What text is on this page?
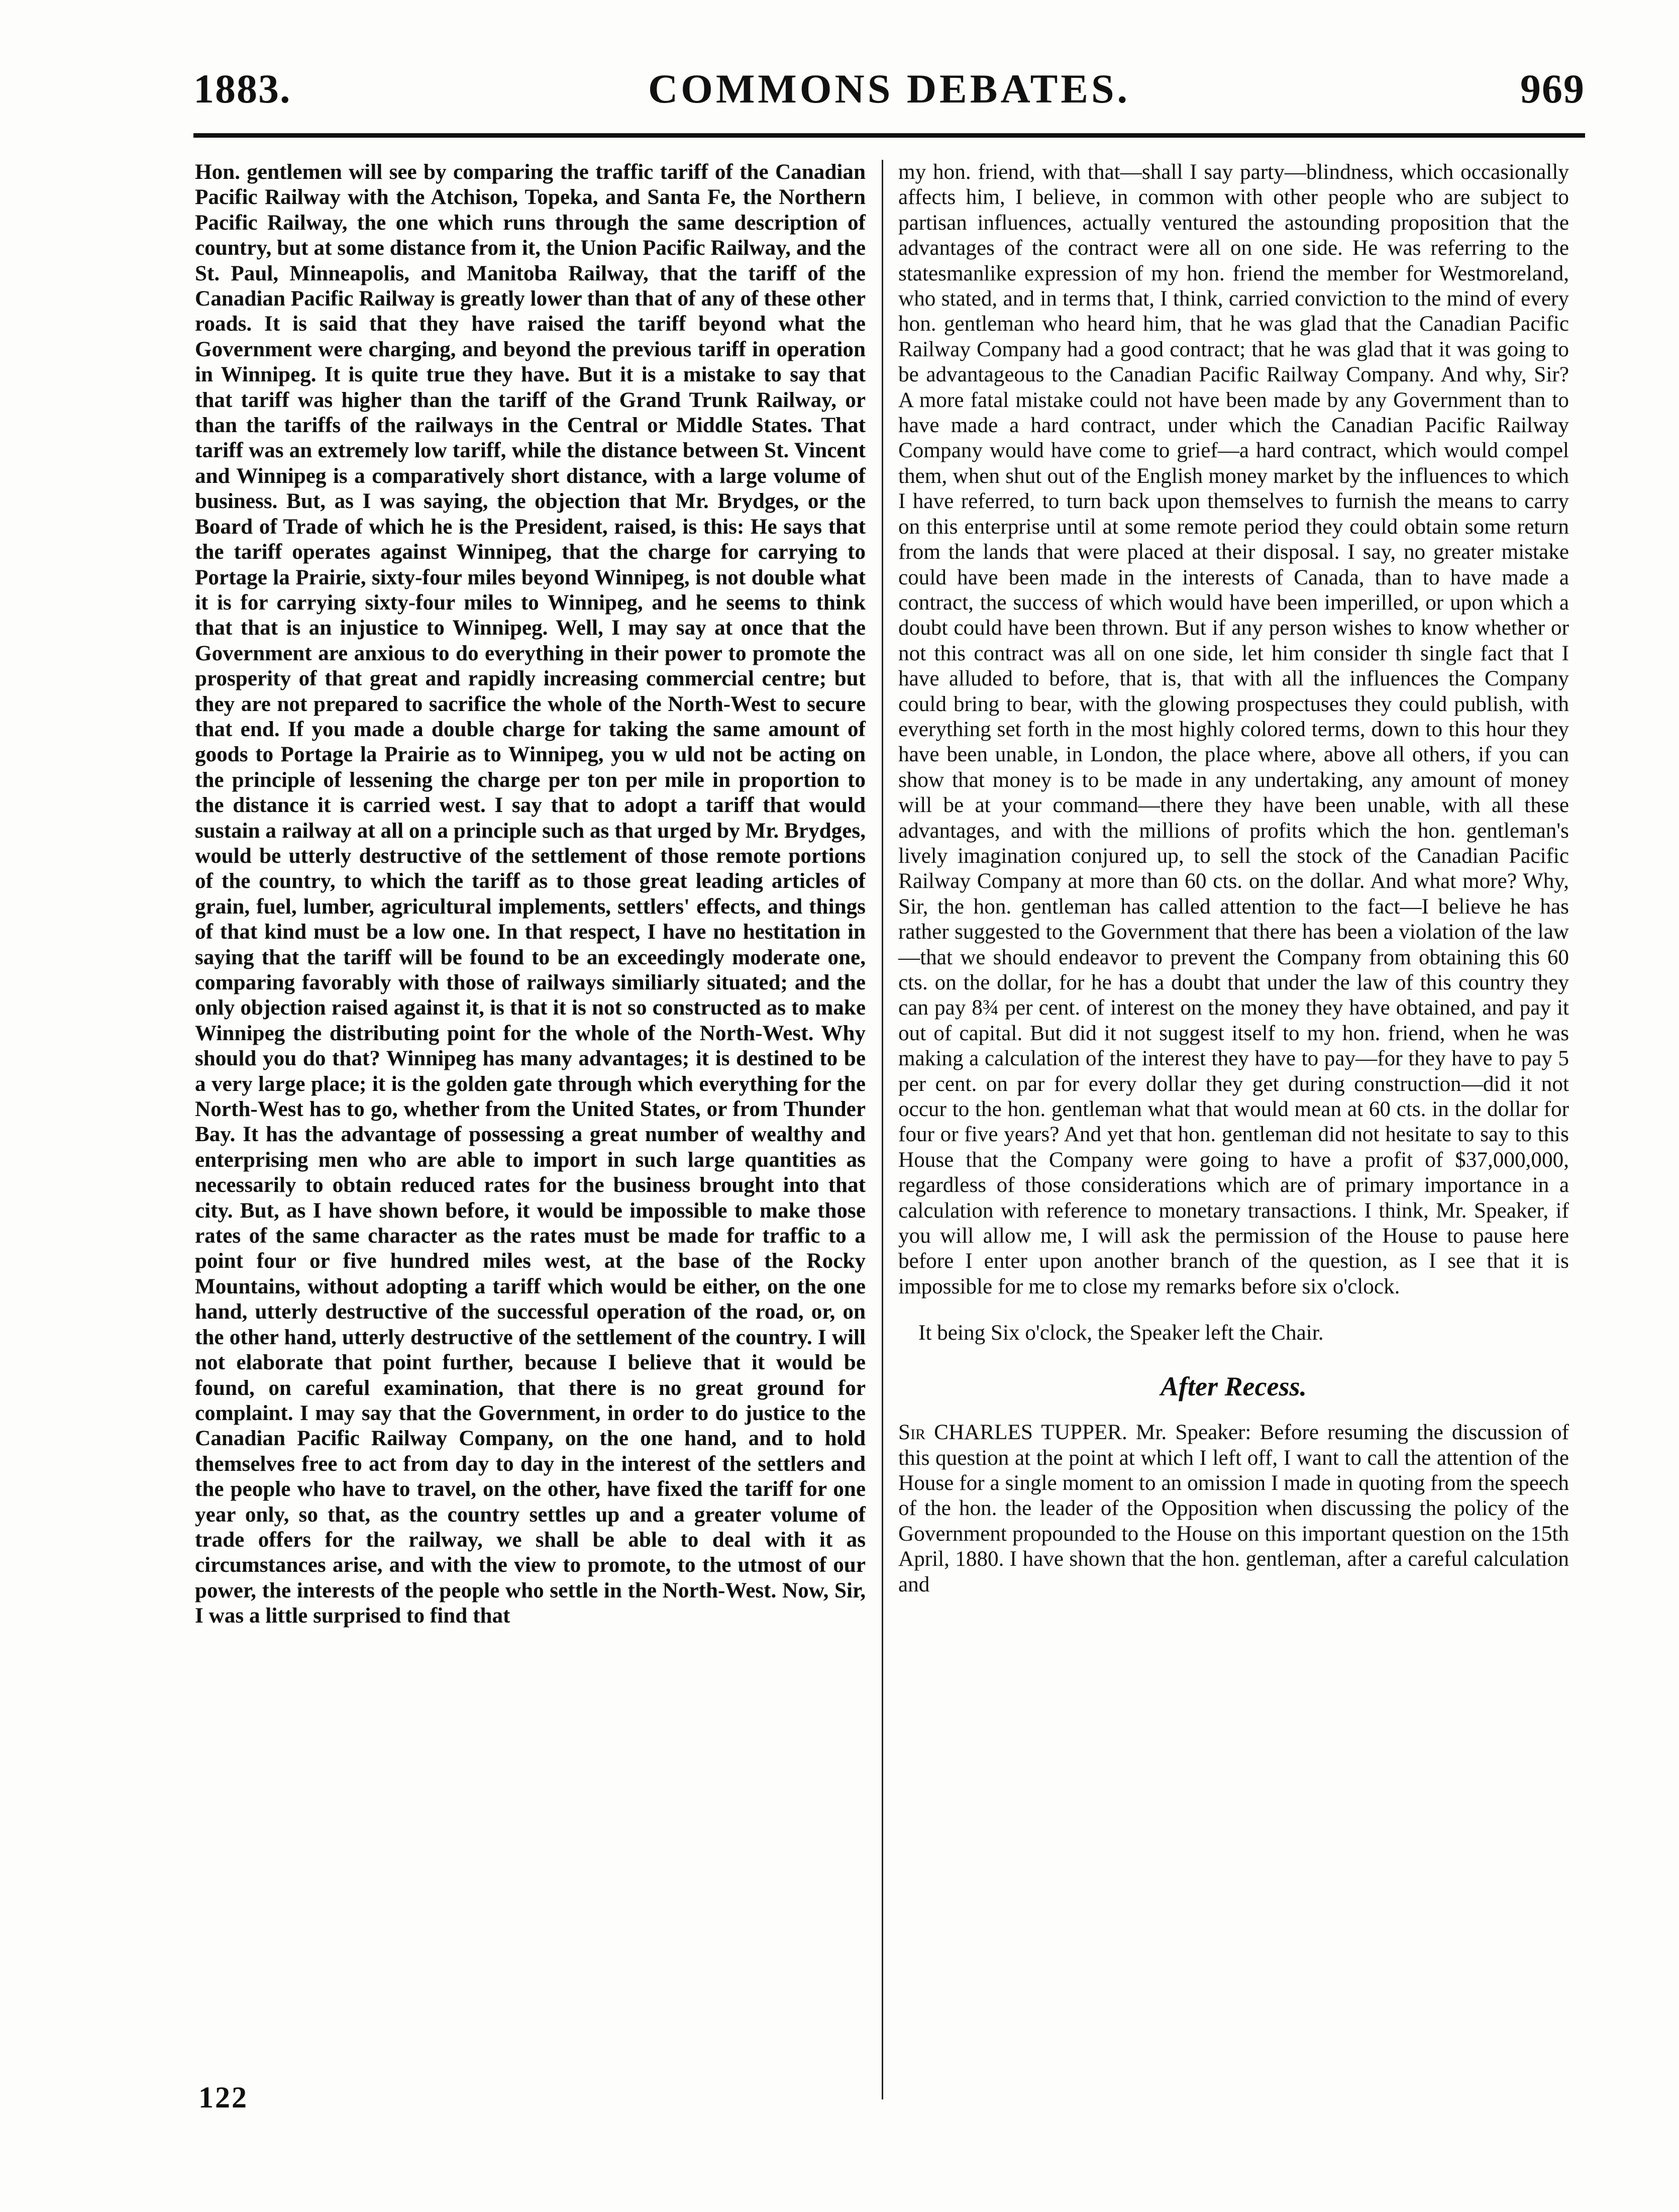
1883.	COMMONS DEBATES.	969

Hon. gentlemen will see by comparing the traffic tariff of the Canadian Pacific Railway with the Atchison, Topeka, and Santa Fe, the Northern Pacific Railway, the one which runs through the same description of country, but at some distance from it, the Union Pacific Railway, and the St. Paul, Minneapolis, and Manitoba Railway, that the tariff of the Canadian Pacific Railway is greatly lower than that of any of these other roads. It is said that they have raised the tariff beyond what the Government were charging, and beyond the previous tariff in operation in Winnipeg. It is quite true they have. But it is a mistake to say that that tariff was higher than the tariff of the Grand Trunk Railway, or than the tariffs of the railways in the Central or Middle States. That tariff was an extremely low tariff, while the distance between St. Vincent and Winnipeg is a comparatively short distance, with a large volume of business. But, as I was saying, the objection that Mr. Brydges, or the Board of Trade of which he is the President, raised, is this: He says that the tariff operates against Winnipeg, that the charge for carrying to Portage la Prairie, sixty-four miles beyond Winnipeg, is not double what it is for carrying sixty-four miles to Winnipeg, and he seems to think that that is an injustice to Winnipeg. Well, I may say at once that the Government are anxious to do everything in their power to promote the prosperity of that great and rapidly increasing commercial centre; but they are not prepared to sacrifice the whole of the North-West to secure that end. If you made a double charge for taking the same amount of goods to Portage la Prairie as to Winnipeg, you w uld not be acting on the principle of lessening the charge per ton per mile in proportion to the distance it is carried west. I say that to adopt a tariff that would sustain a railway at all on a principle such as that urged by Mr. Brydges, would be utterly destructive of the settlement of those remote portions of the country, to which the tariff as to those great leading articles of grain, fuel, lumber, agricultural implements, settlers' effects, and things of that kind must be a low one. In that respect, I have no hestitation in saying that the tariff will be found to be an exceedingly moderate one, comparing favorably with those of railways similiarly situated; and the only objection raised against it, is that it is not so constructed as to make Winnipeg the distributing point for the whole of the North-West. Why should you do that? Winnipeg has many advantages; it is destined to be a very large place; it is the golden gate through which everything for the North-West has to go, whether from the United States, or from Thunder Bay. It has the advantage of possessing a great number of wealthy and enterprising men who are able to import in such large quantities as necessarily to obtain reduced rates for the business brought into that city. But, as I have shown before, it would be impossible to make those rates of the same character as the rates must be made for traffic to a point four or five hundred miles west, at the base of the Rocky Mountains, without adopting a tariff which would be either, on the one hand, utterly destructive of the successful operation of the road, or, on the other hand, utterly destructive of the settlement of the country. I will not elaborate that point further, because I believe that it would be found, on careful examination, that there is no great ground for complaint. I may say that the Government, in order to do justice to the Canadian Pacific Railway Company, on the one hand, and to hold themselves free to act from day to day in the interest of the settlers and the people who have to travel, on the other, have fixed the tariff for one year only, so that, as the country settles up and a greater volume of trade offers for the railway, we shall be able to deal with it as circumstances arise, and with the view to promote, to the utmost of our power, the interests of the people who settle in the North-West. Now, Sir, I was a little surprised to find that

my hon. friend, with that—shall I say party—blindness, which occasionally affects him, I believe, in common with other people who are subject to partisan influences, actually ventured the astounding proposition that the advantages of the contract were all on one side. He was referring to the statesmanlike expression of my hon. friend the member for Westmoreland, who stated, and in terms that, I think, carried conviction to the mind of every hon. gentleman who heard him, that he was glad that the Canadian Pacific Railway Company had a good contract; that he was glad that it was going to be advantageous to the Canadian Pacific Railway Company. And why, Sir? A more fatal mistake could not have been made by any Government than to have made a hard contract, under which the Canadian Pacific Railway Company would have come to grief—a hard contract, which would compel them, when shut out of the English money market by the influences to which I have referred, to turn back upon themselves to furnish the means to carry on this enterprise until at some remote period they could obtain some return from the lands that were placed at their disposal. I say, no greater mistake could have been made in the interests of Canada, than to have made a contract, the success of which would have been imperilled, or upon which a doubt could have been thrown. But if any person wishes to know whether or not this contract was all on one side, let him consider th single fact that I have alluded to before, that is, that with all the influences the Company could bring to bear, with the glowing prospectuses they could publish, with everything set forth in the most highly colored terms, down to this hour they have been unable, in London, the place where, above all others, if you can show that money is to be made in any undertaking, any amount of money will be at your command—there they have been unable, with all these advantages, and with the millions of profits which the hon. gentleman's lively imagination conjured up, to sell the stock of the Canadian Pacific Railway Company at more than 60 cts. on the dollar. And what more? Why, Sir, the hon. gentleman has called attention to the fact—I believe he has rather suggested to the Government that there has been a violation of the law—that we should endeavor to prevent the Company from obtaining this 60 cts. on the dollar, for he has a doubt that under the law of this country they can pay 8¾ per cent. of interest on the money they have obtained, and pay it out of capital. But did it not suggest itself to my hon. friend, when he was making a calculation of the interest they have to pay—for they have to pay 5 per cent. on par for every dollar they get during construction—did it not occur to the hon. gentleman what that would mean at 60 cts. in the dollar for four or five years? And yet that hon. gentleman did not hesitate to say to this House that the Company were going to have a profit of $37,000,000, regardless of those considerations which are of primary importance in a calculation with reference to monetary transactions. I think, Mr. Speaker, if you will allow me, I will ask the permission of the House to pause here before I enter upon another branch of the question, as I see that it is impossible for me to close my remarks before six o'clock.

It being Six o'clock, the Speaker left the Chair.

After Recess.

Sir CHARLES TUPPER. Mr. Speaker: Before resuming the discussion of this question at the point at which I left off, I want to call the attention of the House for a single moment to an omission I made in quoting from the speech of the hon. the leader of the Opposition when discussing the policy of the Government propounded to the House on this important question on the 15th April, 1880. I have shown that the hon. gentleman, after a careful calculation and

122
